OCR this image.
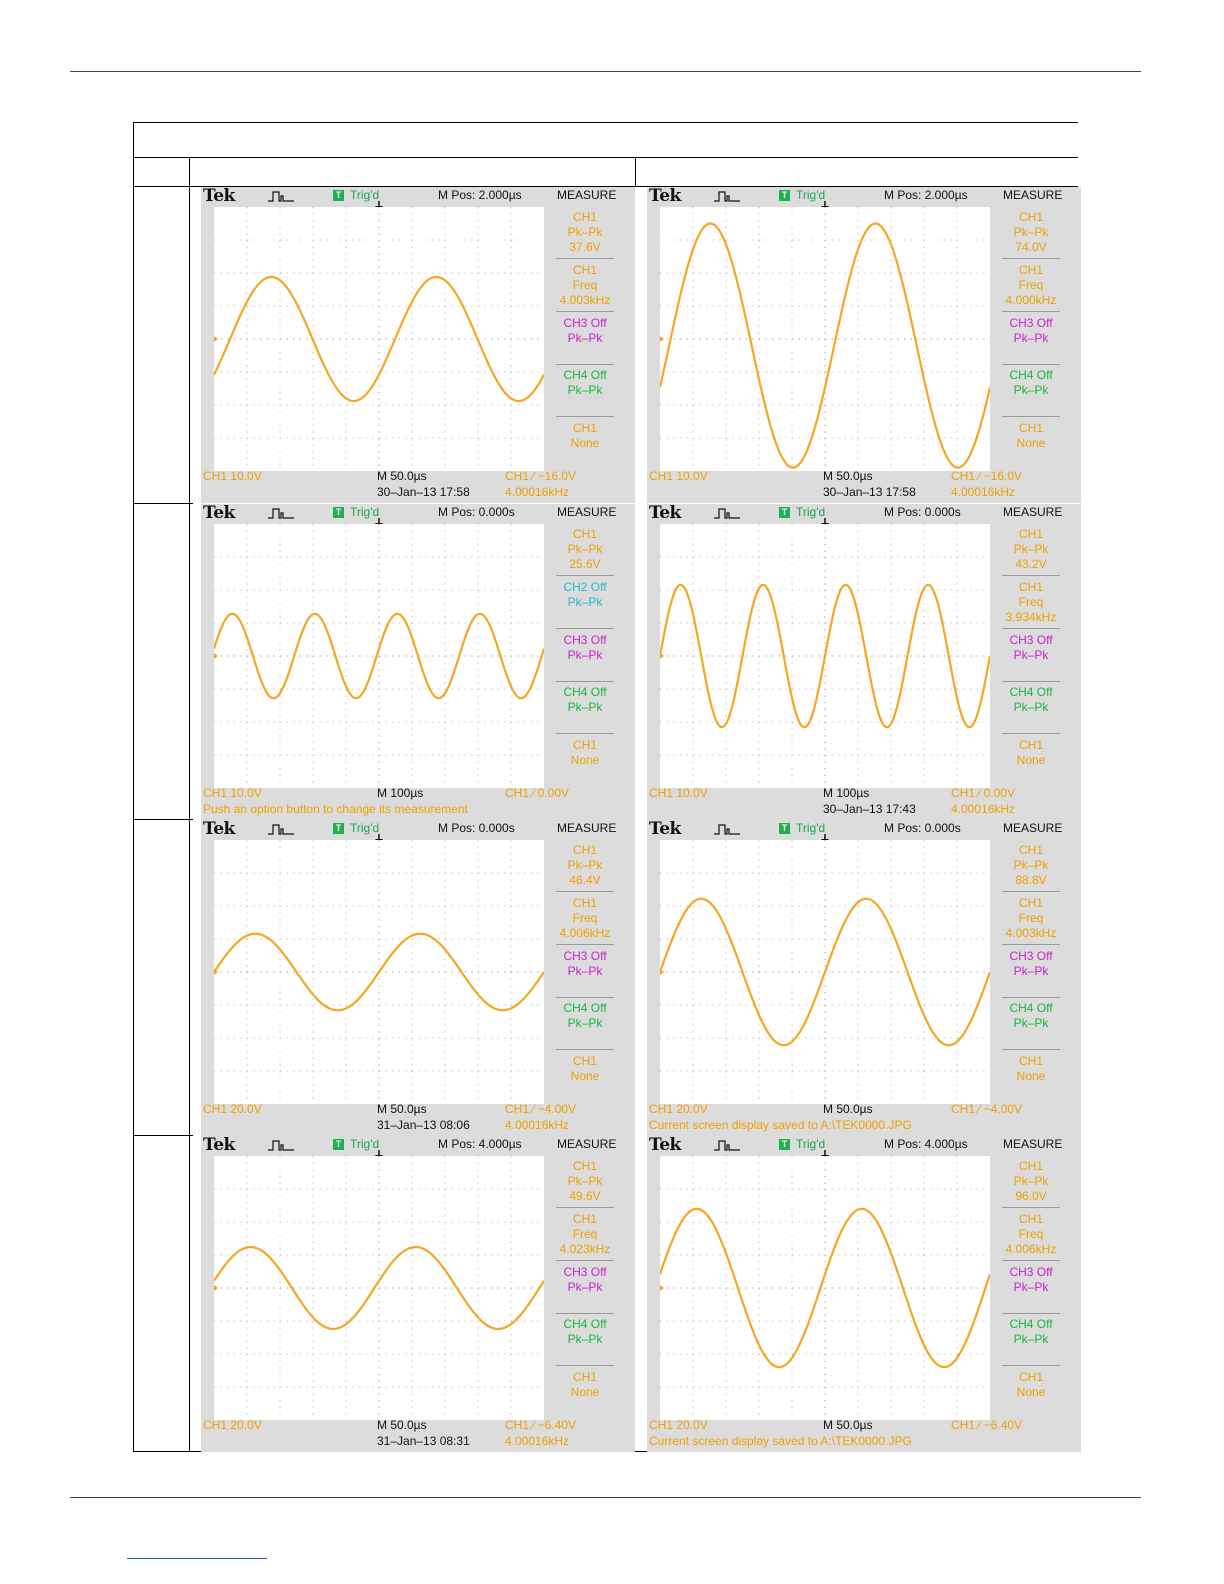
Tek	T Trig'd	M Pos: 2.000µs	MEASURE
CH1
Pk–Pk
37.6V
CH1
Freq
4.003kHz
CH3 Off
Pk–Pk
CH4 Off
Pk–Pk
CH1
None
CH1 10.0V	M 50.0µs	CH1 ∕ −16.0V
30–Jan–13 17:58	4.00016kHz
Tek	T Trig'd	M Pos: 2.000µs	MEASURE
CH1
Pk–Pk
74.0V
CH1
Freq
4.000kHz
CH3 Off
Pk–Pk
CH4 Off
Pk–Pk
CH1
None
CH1 10.0V	M 50.0µs	CH1 ∕ −16.0V
30–Jan–13 17:58	4.00016kHz
Tek	T Trig'd	M Pos: 0.000s	MEASURE
CH1
Pk–Pk
25.6V
CH2 Off
Pk–Pk
CH3 Off
Pk–Pk
CH4 Off
Pk–Pk
CH1
None
CH1 10.0V	M 100µs	CH1 ∕ 0.00V
Push an option button to change its measurement
Tek	T Trig'd	M Pos: 0.000s	MEASURE
CH1
Pk–Pk
43.2V
CH1
Freq
3.934kHz
CH3 Off
Pk–Pk
CH4 Off
Pk–Pk
CH1
None
CH1 10.0V	M 100µs	CH1 ∕ 0.00V
30–Jan–13 17:43	4.00016kHz
Tek	T Trig'd	M Pos: 0.000s	MEASURE
CH1
Pk–Pk
46.4V
CH1
Freq
4.006kHz
CH3 Off
Pk–Pk
CH4 Off
Pk–Pk
CH1
None
CH1 20.0V	M 50.0µs	CH1 ∕ −4.00V
31–Jan–13 08:06	4.00016kHz
Tek	T Trig'd	M Pos: 0.000s	MEASURE
CH1
Pk–Pk
88.8V
CH1
Freq
4.003kHz
CH3 Off
Pk–Pk
CH4 Off
Pk–Pk
CH1
None
CH1 20.0V	M 50.0µs	CH1 ∕ −4.00V
Current screen display saved to A:\TEK0000.JPG
Tek	T Trig'd	M Pos: 4.000µs	MEASURE
CH1
Pk–Pk
49.6V
CH1
Freq
4.023kHz
CH3 Off
Pk–Pk
CH4 Off
Pk–Pk
CH1
None
CH1 20.0V	M 50.0µs	CH1 ∕ −6.40V
31–Jan–13 08:31	4.00016kHz
Tek	T Trig'd	M Pos: 4.000µs	MEASURE
CH1
Pk–Pk
96.0V
CH1
Freq
4.006kHz
CH3 Off
Pk–Pk
CH4 Off
Pk–Pk
CH1
None
CH1 20.0V	M 50.0µs	CH1 ∕ −6.40V
Current screen display saved to A:\TEK0000.JPG
